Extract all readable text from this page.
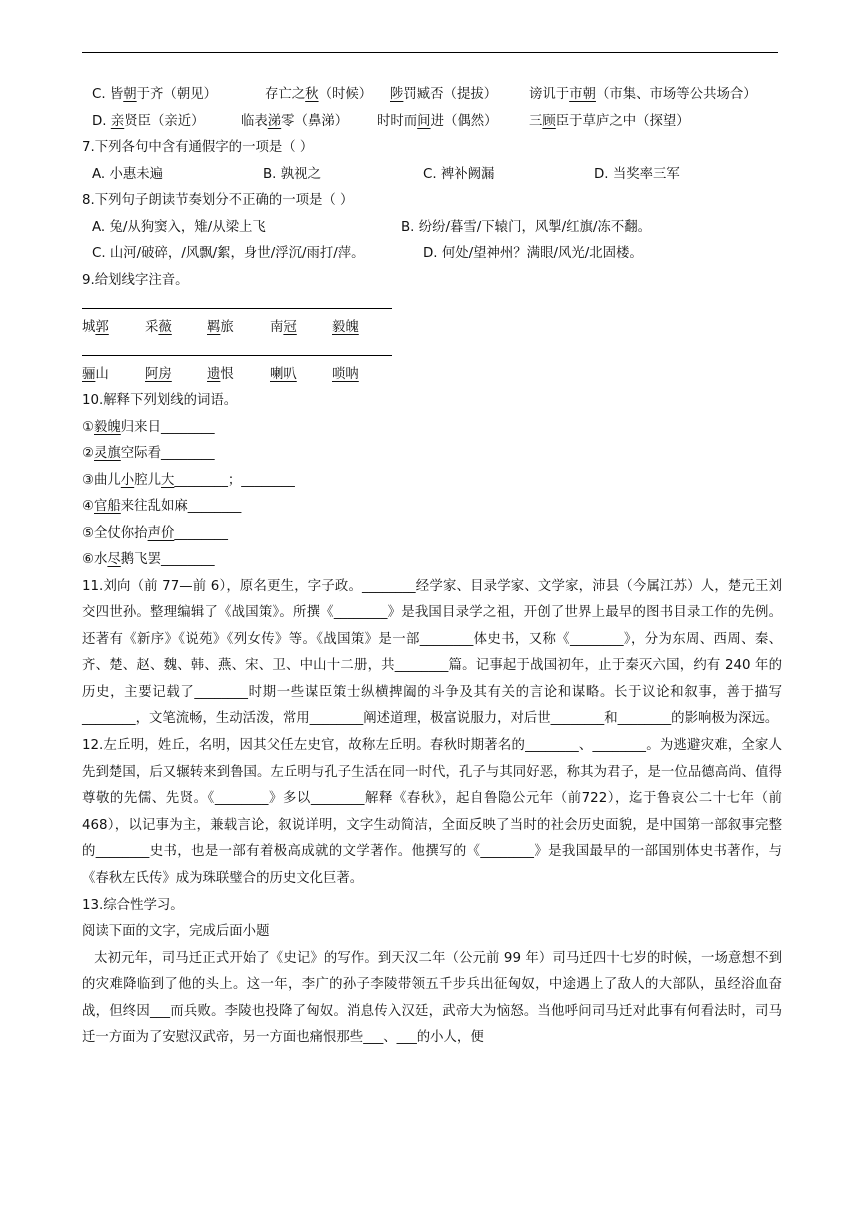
C. 皆朝于齐（朝见）	存亡之秋（时候） 陟罚臧否（提拔） 谤讥于市朝（市集、市场等公共场合）
D. 亲贤臣（亲近）	临表涕零（鼻涕） 时时而间进（偶然） 三顾臣于草庐之中（探望）
7.下列各句中含有通假字的一项是（ ）
A. 小惠未遍	B. 孰视之	C. 裨补阙漏	D. 当奖率三军
8.下列句子朗读节奏划分不正确的一项是（ ）
A. 兔/从狗窦入，雉/从梁上飞	B. 纷纷/暮雪/下辕门，风掣/红旗/冻不翻。
C. 山河/破碎，/风飘/絮，身世/浮沉/雨打/萍。	D. 何处/望神州？满眼/风光/北固楼。
9.给划线字注音。
城郭	采薇	羁旅	南冠	毅魄
骊山	阿房	遗恨	喇叭	唢呐
10.解释下列划线的词语。
①毅魄归来日________
②灵旗空际看________
③曲儿小腔儿大________；________
④官船来往乱如麻________
⑤全仗你抬声价________
⑥水尽鹅飞罢________
11.刘向（前 77—前 6），原名更生，字子政。________经学家、目录学家、文学家，沛县（今属江苏）人，楚元王刘交四世孙。整理编辑了《战国策》。所撰《________》是我国目录学之祖，开创了世界上最早的图书目录工作的先例。还著有《新序》《说苑》《列女传》等。《战国策》是一部________体史书，又称《________》，分为东周、西周、秦、齐、楚、赵、魏、韩、燕、宋、卫、中山十二册，共________篇。记事起于战国初年，止于秦灭六国，约有 240 年的历史，主要记载了________时期一些谋臣策士纵横捭阖的斗争及其有关的言论和谋略。长于议论和叙事，善于描写________，文笔流畅，生动活泼，常用________阐述道理，极富说服力，对后世________和________的影响极为深远。
12.左丘明，姓丘，名明，因其父任左史官，故称左丘明。春秋时期著名的________、________。为逃避灾难，全家人先到楚国，后又辗转来到鲁国。左丘明与孔子生活在同一时代，孔子与其同好恶，称其为君子，是一位品德高尚、值得尊敬的先儒、先贤。《________》多以________解释《春秋》，起自鲁隐公元年（前722），迄于鲁哀公二十七年（前 468），以记事为主，兼载言论，叙说详明，文字生动简洁，全面反映了当时的社会历史面貌，是中国第一部叙事完整的________史书，也是一部有着极高成就的文学著作。他撰写的《________》是我国最早的一部国别体史书著作，与《春秋左氏传》成为珠联璧合的历史文化巨著。
13.综合性学习。
阅读下面的文字，完成后面小题
太初元年，司马迁正式开始了《史记》的写作。到天汉二年（公元前 99 年）司马迁四十七岁的时候，一场意想不到的灾难降临到了他的头上。这一年，李广的孙子李陵带领五千步兵出征匈奴，中途遇上了敌人的大部队，虽经浴血奋战，但终因___而兵败。李陵也投降了匈奴。消息传入汉廷，武帝大为恼怒。当他呼问司马迁对此事有何看法时，司马迁一方面为了安慰汉武帝，另一方面也痛恨那些___、___的小人，便
